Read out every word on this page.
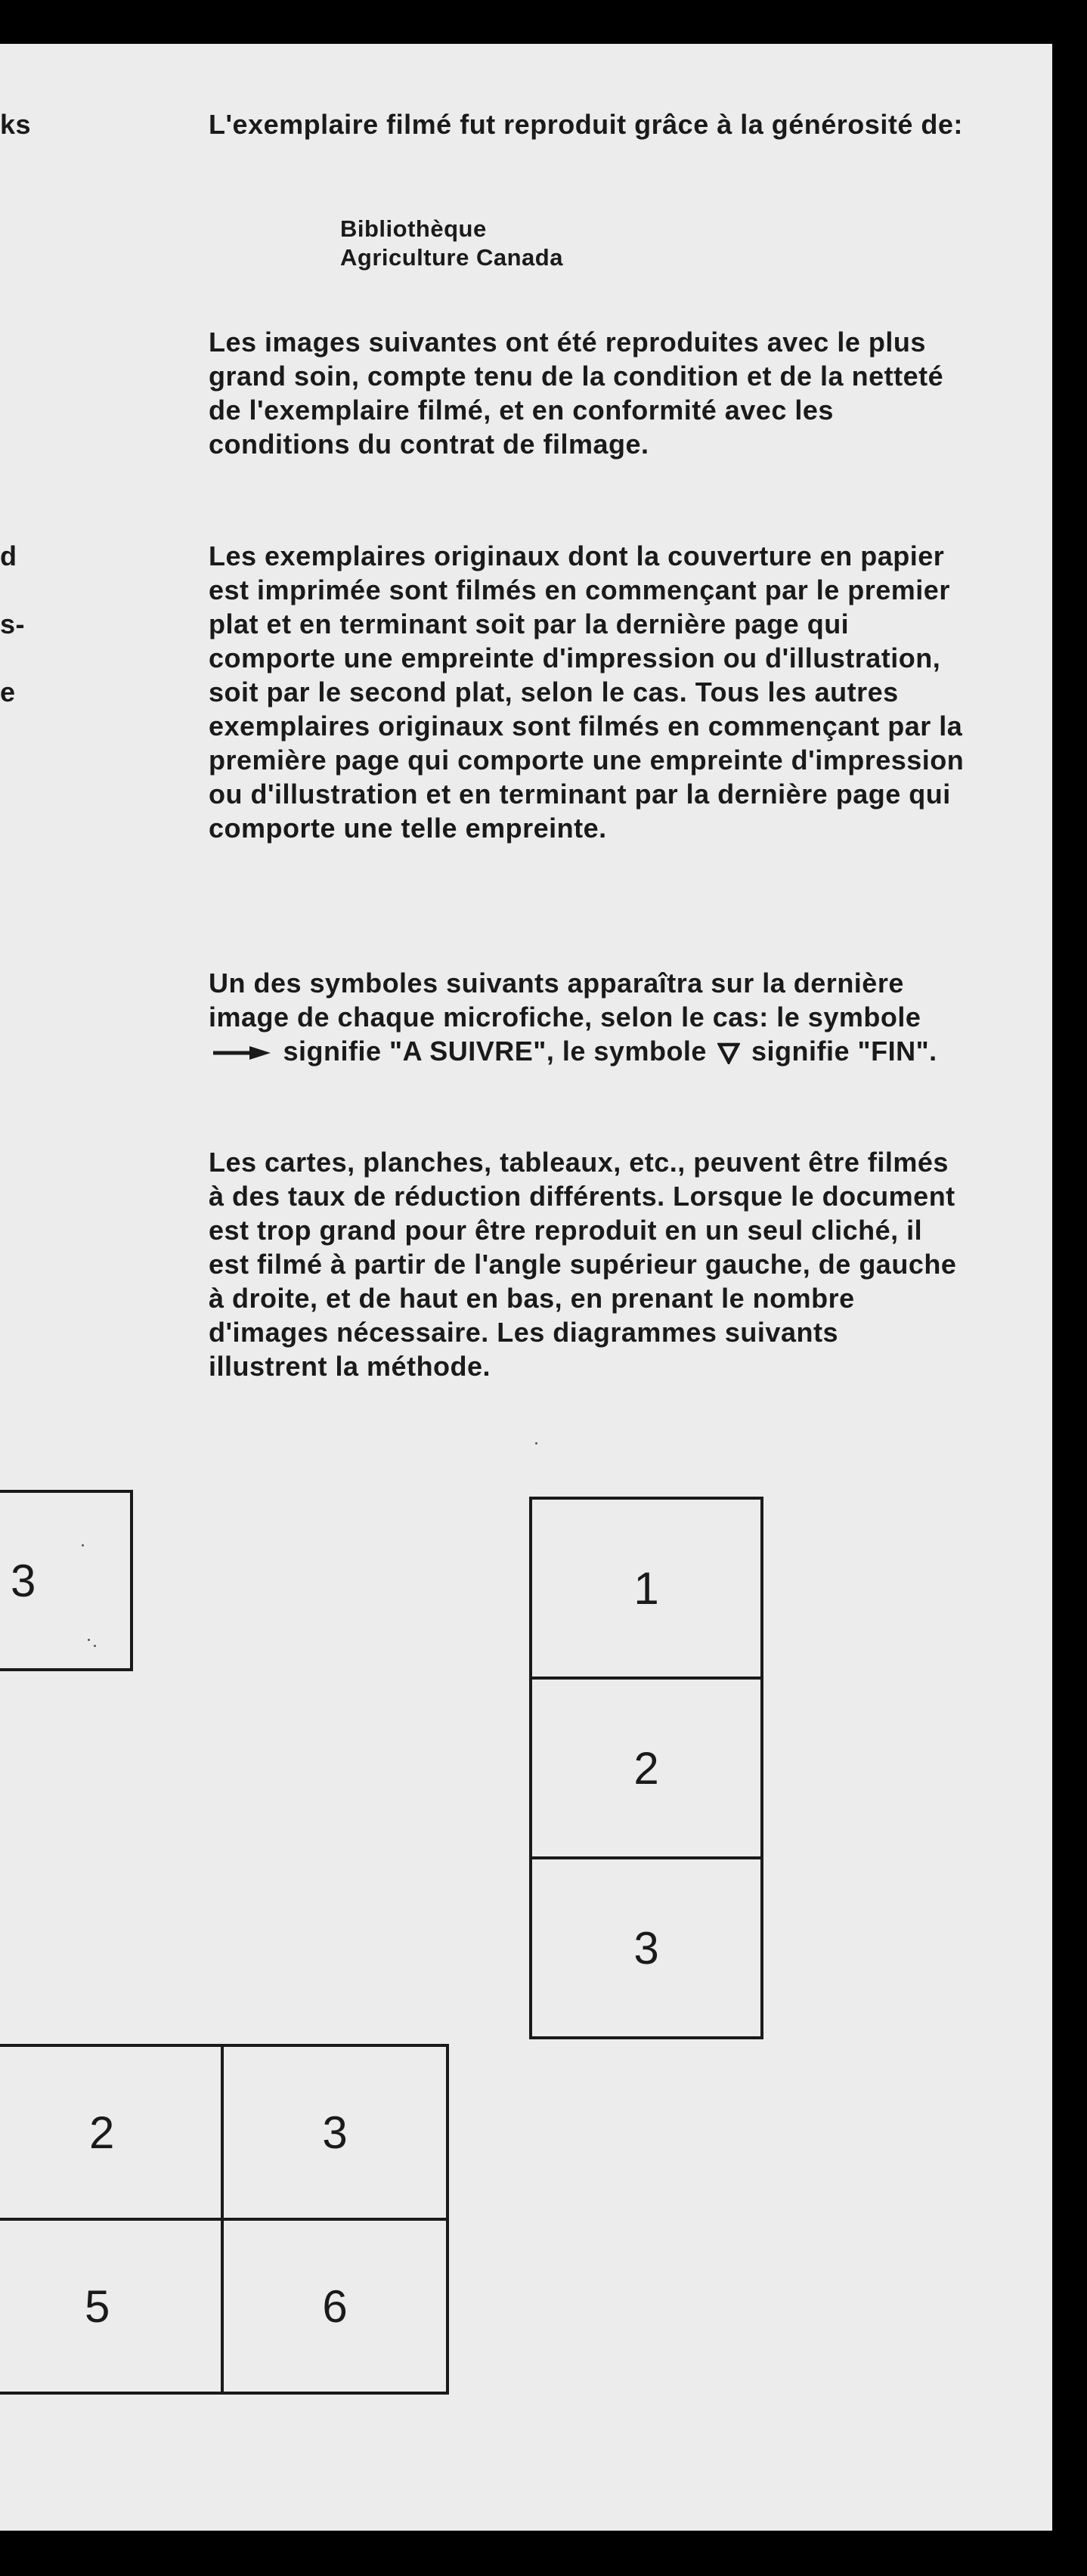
ks
d
s-
e
L'exemplaire filmé fut reproduit grâce à la générosité de:
Bibliothèque
Agriculture Canada
Les images suivantes ont été reproduites avec le plus grand soin, compte tenu de la condition et de la netteté de l'exemplaire filmé, et en conformité avec les conditions du contrat de filmage.
Les exemplaires originaux dont la couverture en papier est imprimée sont filmés en commençant par le premier plat et en terminant soit par la dernière page qui comporte une empreinte d'impression ou d'illustration, soit par le second plat, selon le cas. Tous les autres exemplaires originaux sont filmés en commençant par la première page qui comporte une empreinte d'impression ou d'illustration et en terminant par la dernière page qui comporte une telle empreinte.
Un des symboles suivants apparaîtra sur la dernière image de chaque microfiche, selon le cas: le symbole  signifie "A SUIVRE", le symbole signifie "FIN".
Les cartes, planches, tableaux, etc., peuvent être filmés à des taux de réduction différents. Lorsque le document est trop grand pour être reproduit en un seul cliché, il est filmé à partir de l'angle supérieur gauche, de gauche à droite, et de haut en bas, en prenant le nombre d'images nécessaire. Les diagrammes suivants illustrent la méthode.
3	1
2
3
2	3
5	6
